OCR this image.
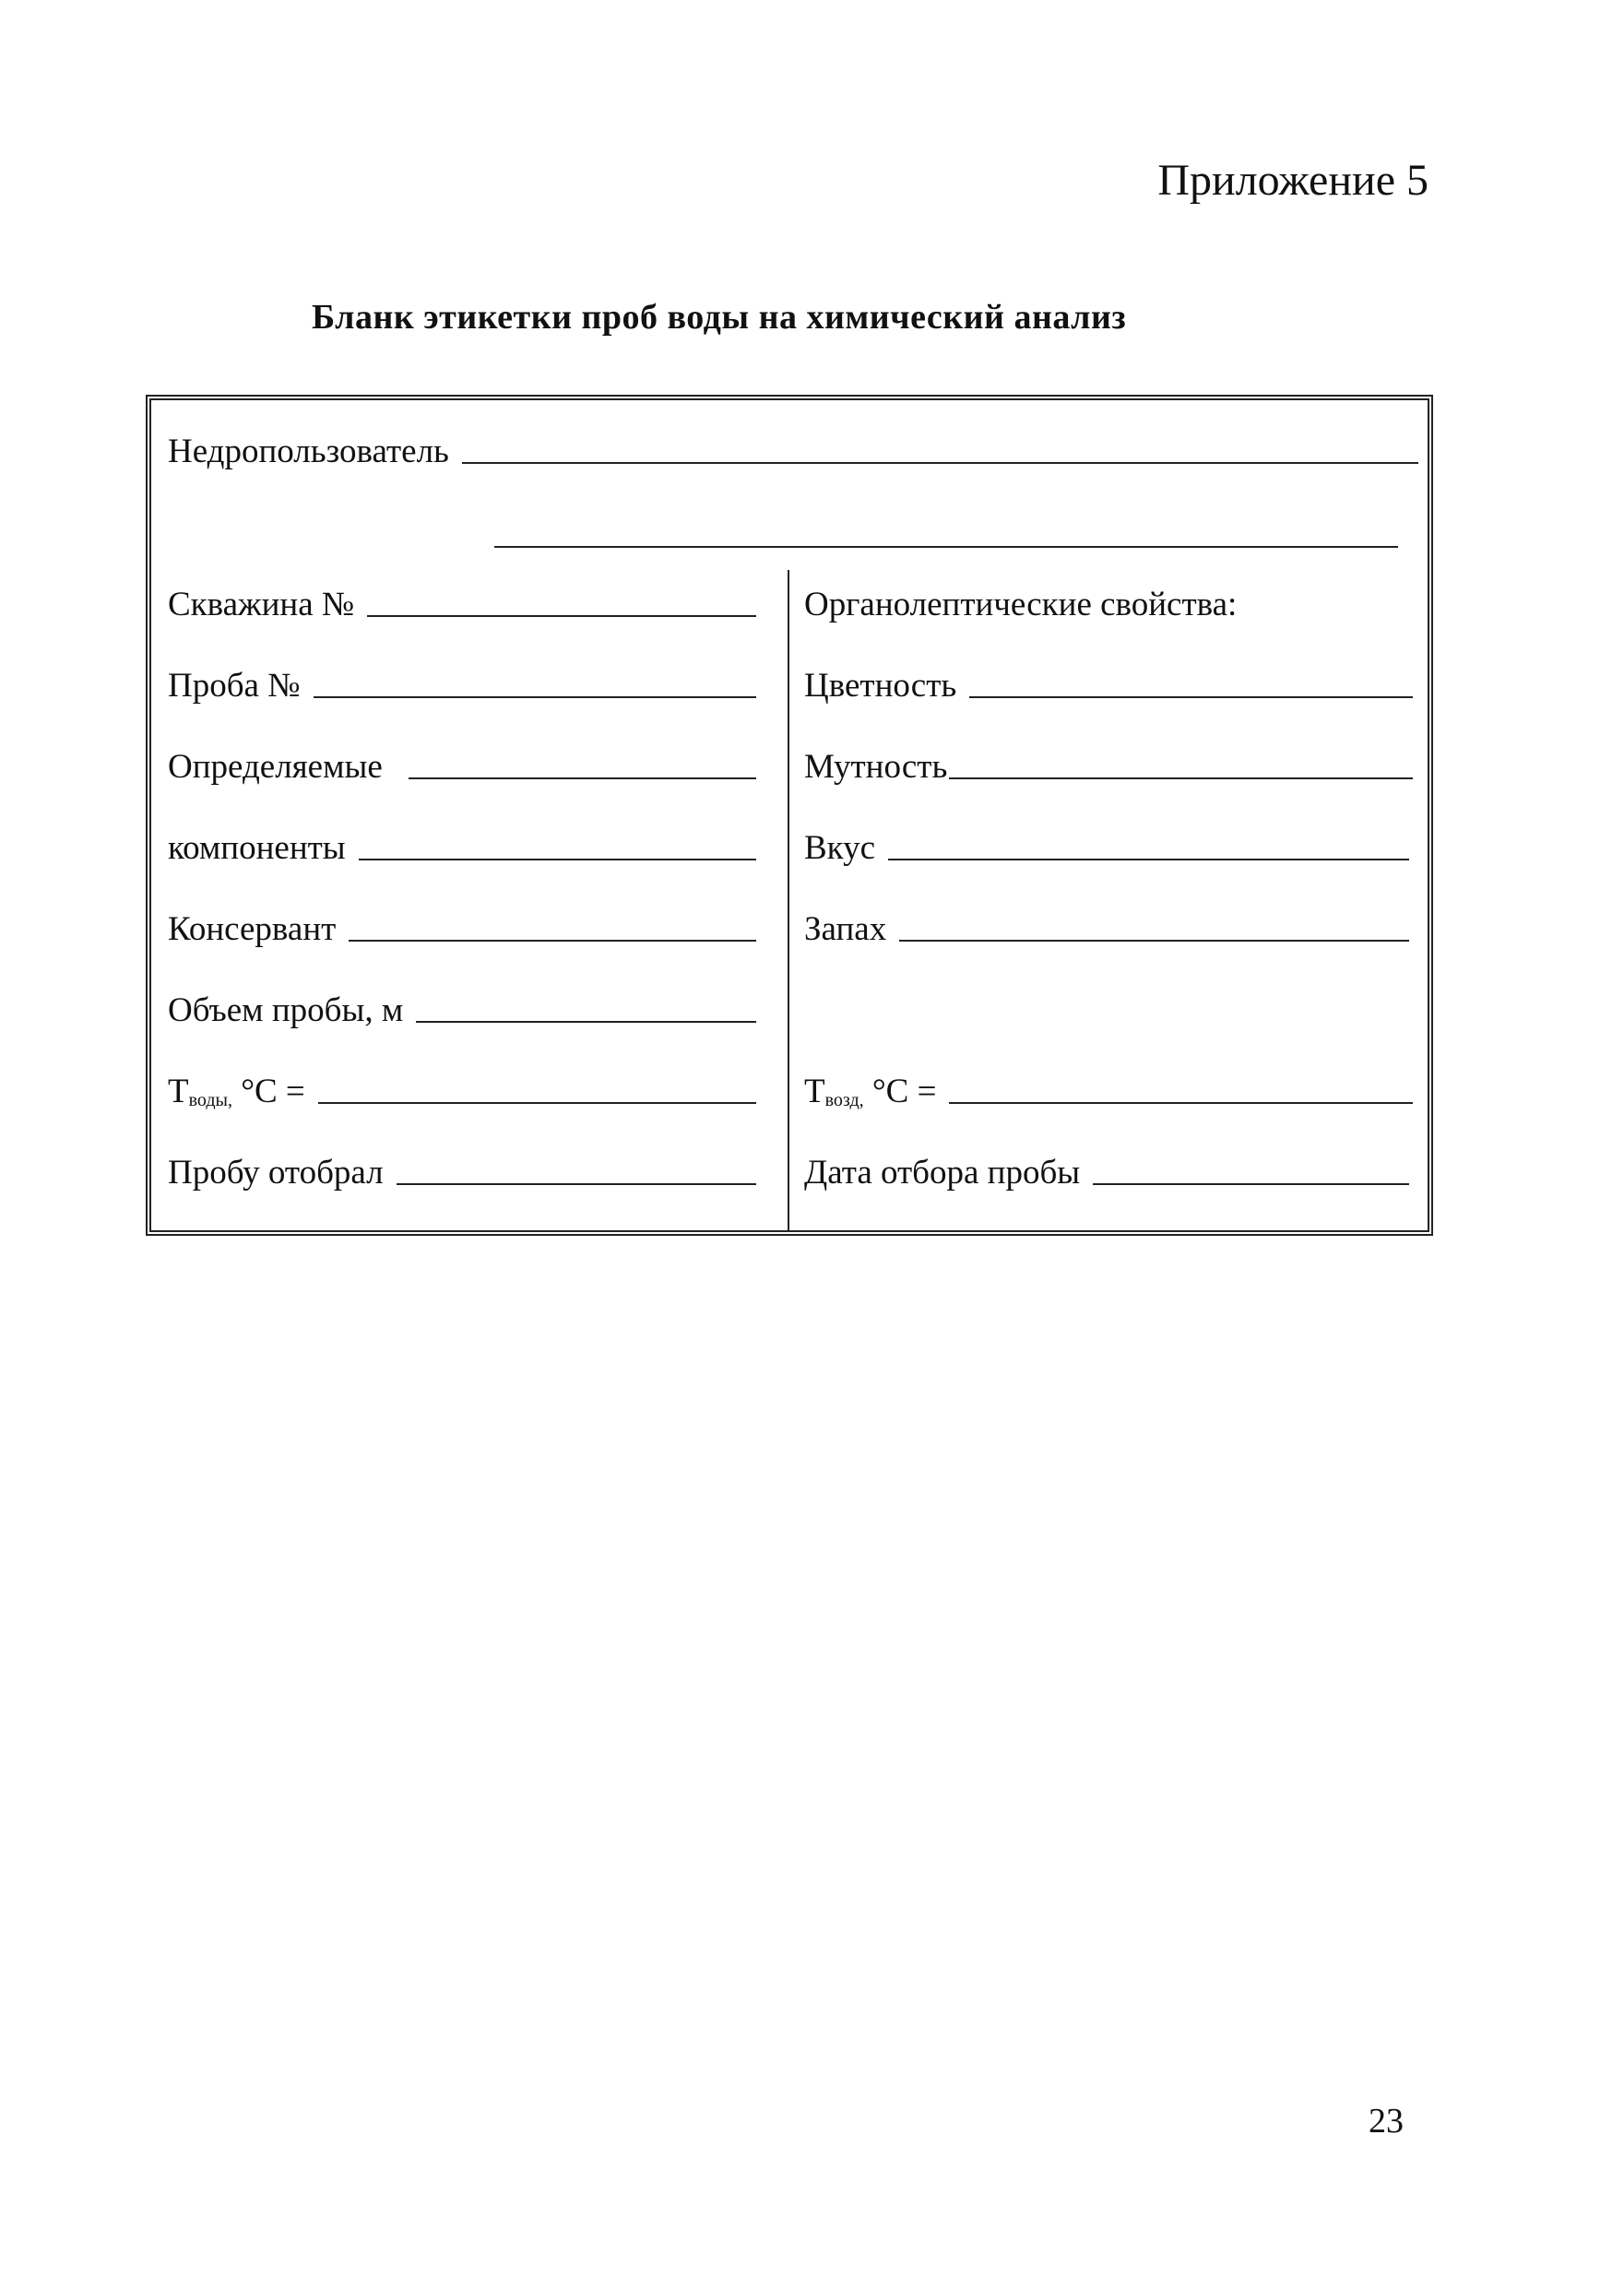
Приложение 5
Бланк этикетки проб воды на химический анализ
Недропользователь
Скважина №
Проба №
Определяемые
компоненты
Консервант
Объем пробы, м
$T_{воды,}$ °C =
Пробу отобрал
Органолептические свойства:
Цветность
Мутность
Вкус
Запах
$T_{возд,}$ °C =
Дата отбора пробы
23
